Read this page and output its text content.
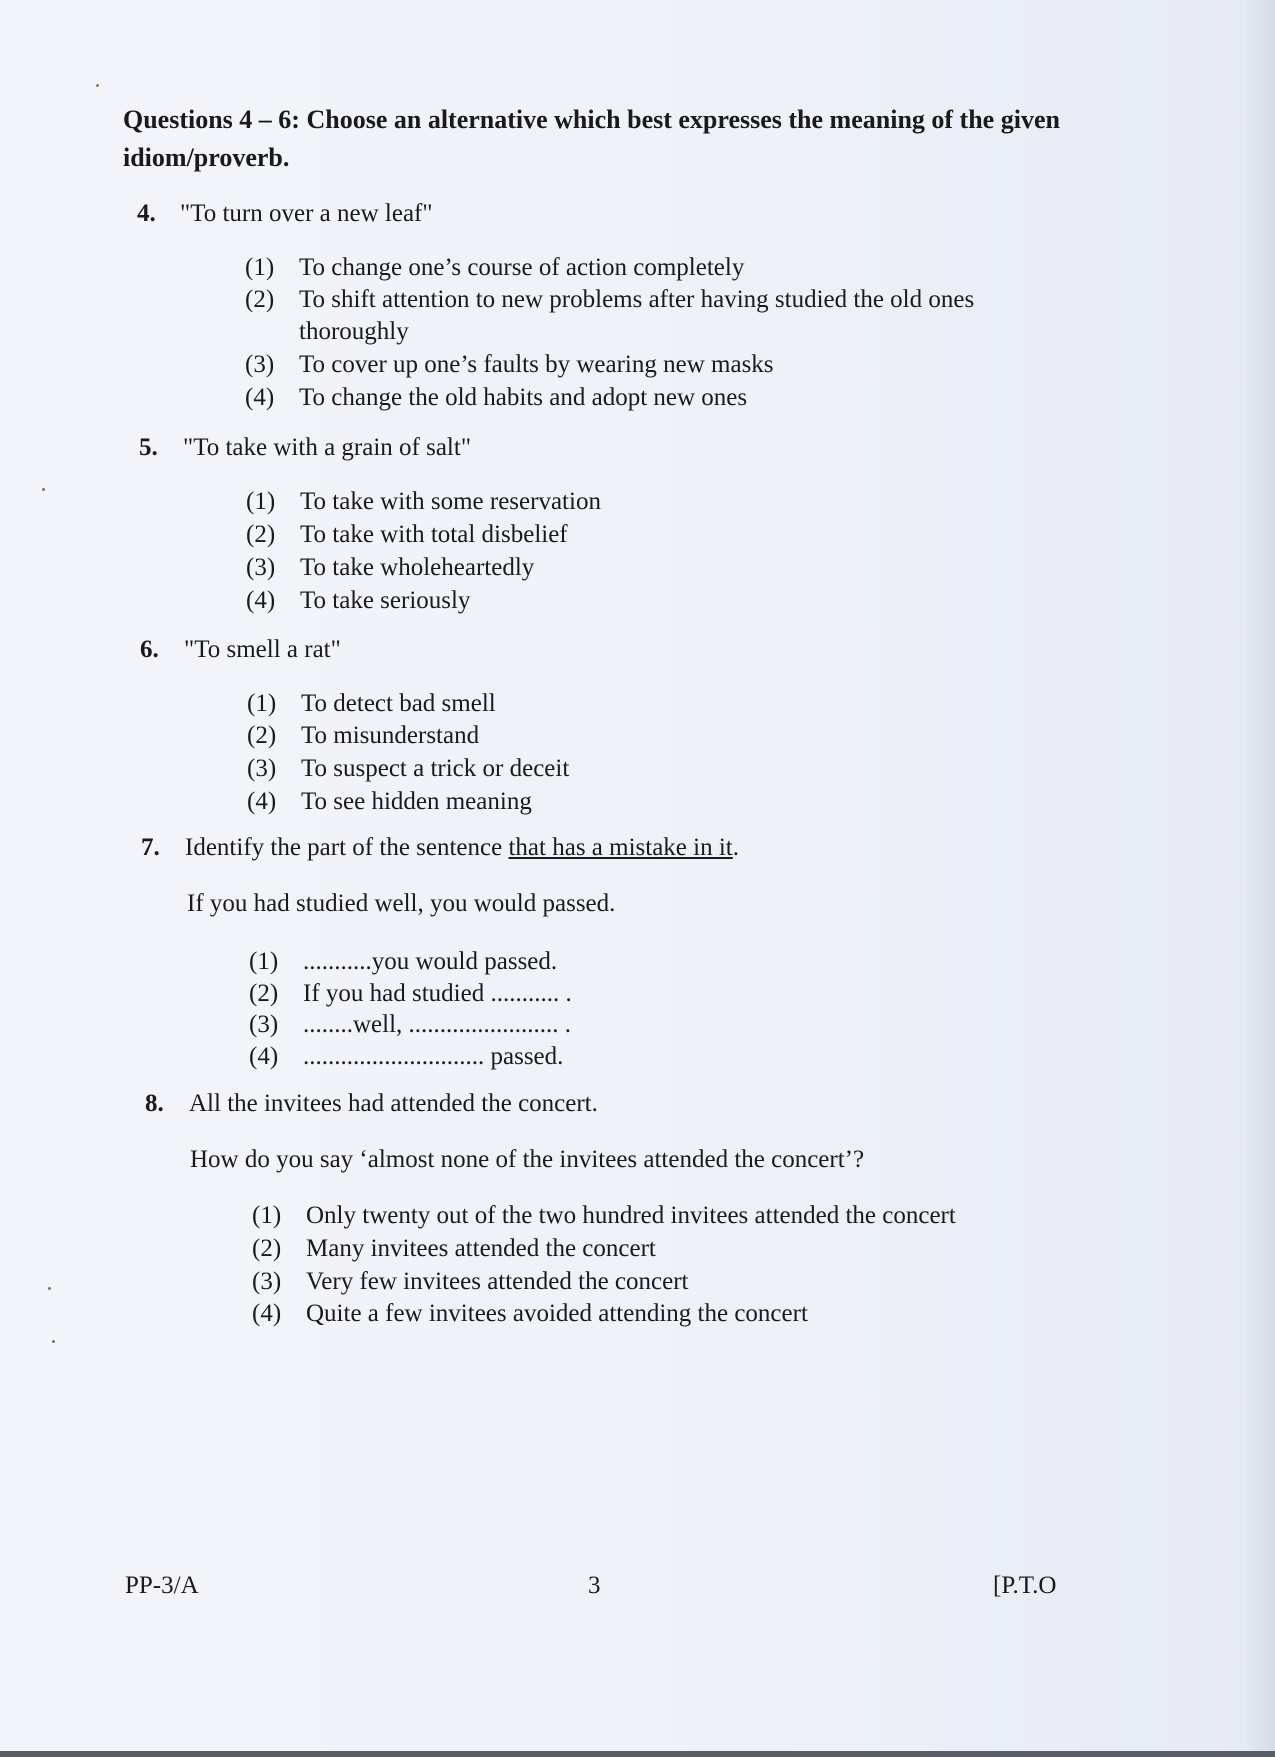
Questions 4 – 6: Choose an alternative which best expresses the meaning of the given idiom/proverb.
4. "To turn over a new leaf"
(1) To change one’s course of action completely
(2) To shift attention to new problems after having studied the old ones
thoroughly
(3) To cover up one’s faults by wearing new masks
(4) To change the old habits and adopt new ones
5. "To take with a grain of salt"
(1) To take with some reservation
(2) To take with total disbelief
(3) To take wholeheartedly
(4) To take seriously
6. "To smell a rat"
(1) To detect bad smell
(2) To misunderstand
(3) To suspect a trick or deceit
(4) To see hidden meaning
7. Identify the part of the sentence that has a mistake in it.
If you had studied well, you would passed.
(1) ...........you would passed.
(2) If you had studied ........... .
(3) ........well, ........................ .
(4) ............................. passed.
8. All the invitees had attended the concert.
How do you say ‘almost none of the invitees attended the concert’?
(1) Only twenty out of the two hundred invitees attended the concert
(2) Many invitees attended the concert
(3) Very few invitees attended the concert
(4) Quite a few invitees avoided attending the concert
PP-3/A	3	[P.T.O
